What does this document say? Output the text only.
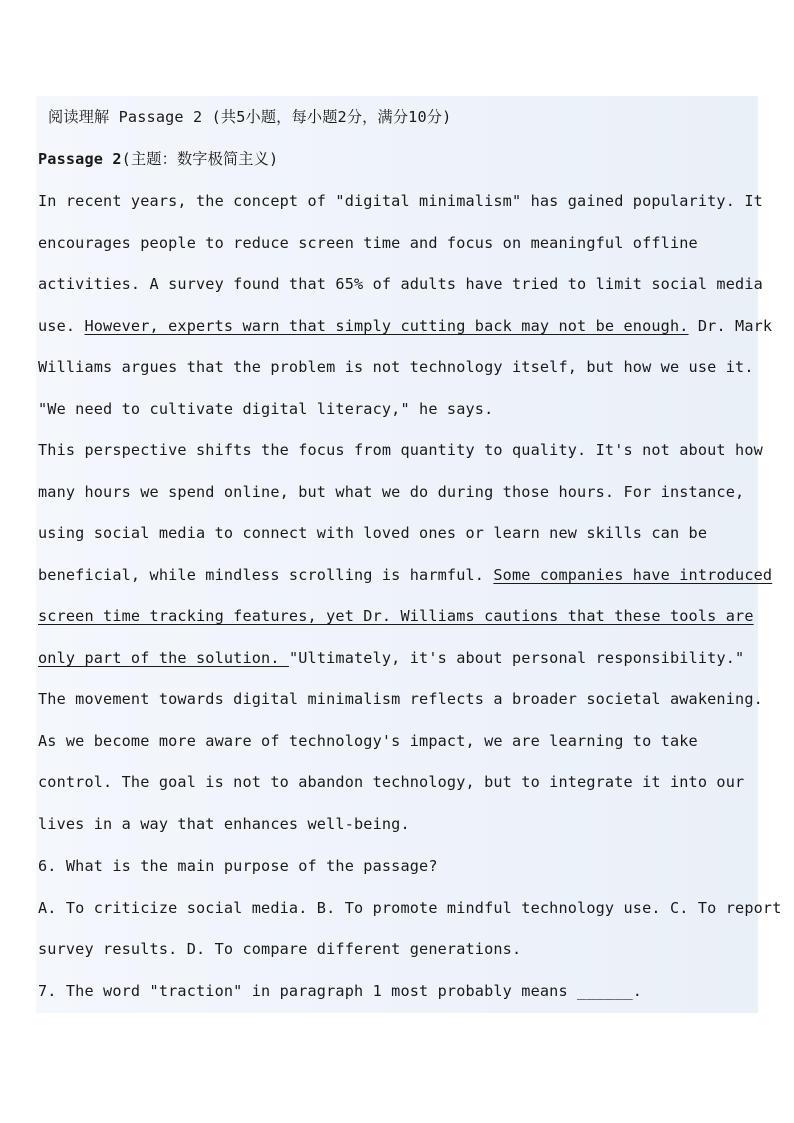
阅读理解 Passage 2 (共5小题，每小题2分，满分10分)
Passage 2(主题：数字极简主义)
In recent years, the concept of "digital minimalism" has gained popularity. It
encourages people to reduce screen time and focus on meaningful offline
activities. A survey found that 65% of adults have tried to limit social media
use. However, experts warn that simply cutting back may not be enough. Dr. Mark
Williams argues that the problem is not technology itself, but how we use it.
"We need to cultivate digital literacy," he says.
This perspective shifts the focus from quantity to quality. It's not about how
many hours we spend online, but what we do during those hours. For instance,
using social media to connect with loved ones or learn new skills can be
beneficial, while mindless scrolling is harmful. Some companies have introduced
screen time tracking features, yet Dr. Williams cautions that these tools are
only part of the solution. "Ultimately, it's about personal responsibility."
The movement towards digital minimalism reflects a broader societal awakening.
As we become more aware of technology's impact, we are learning to take
control. The goal is not to abandon technology, but to integrate it into our
lives in a way that enhances well-being.
6. What is the main purpose of the passage?
A. To criticize social media. B. To promote mindful technology use. C. To report
survey results. D. To compare different generations.
7. The word "traction" in paragraph 1 most probably means ______.
